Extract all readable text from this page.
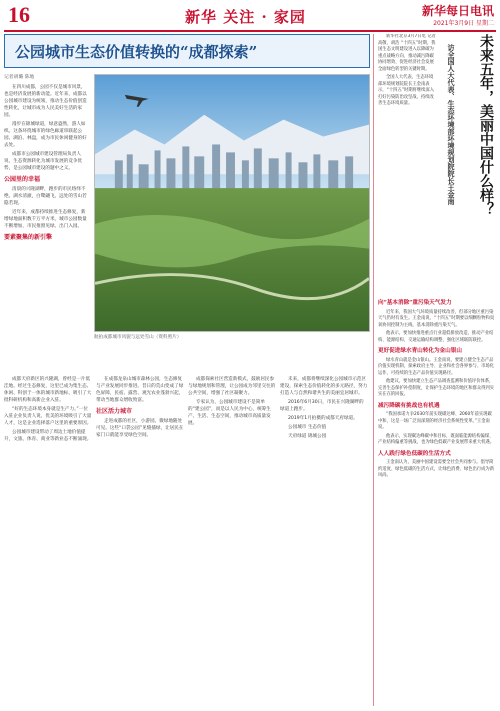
16	新华 关注 · 家园	新华每日电讯
2021年3月9日 星期二
公园城市生态价值转换的“成都探索”
记者胡璐 陈地

在四川成都，公园不仅是城市风景，也是经济发展的新动能。近年来，成都以公园城市建设为统领，推动生态价值创造性转化，让城市成为人民美好生活的家园。

漫步在锦城绿道，绿意盎然，游人如织。这条环绕城市的绿色廊道串联起公园、湖泊、林盘，成为市民休闲健身的好去处。

成都市公园城市建设管理局负责人说，生态资源转化为城市发展的竞争优势，是公园城市建设的题中之义。

公园里的幸福

清晨的兴隆湖畔，跑步的市民络绎不绝。湖水清澈，白鹭翩飞，远处的雪山若隐若现。

近年来，成都持续推进生态修复，新增绿地面积数千万平方米，城市公园数量不断增加，市民推窗见绿、出门入园。

要素聚集的新引擎
航拍成都城市风貌与远处雪山（资料照片）

成都天府新区的兴隆湖，曾经是一片低洼地。经过生态修复，这里已成为集生态、休闲、科创于一体的城市新地标，吸引了大批科研机构和高新企业入驻。

“好的生态环境本身就是生产力。”一位入驻企业负责人说，优美的环境吸引了大量人才，这是企业选择落户这里的重要原因。

公园城市建设带动了周边土地价值提升，文旅、体育、商业等新业态不断涌现。

在成都龙泉山城市森林公园，生态修复与产业发展同步推进。昔日的荒山变成了绿色屏障，民宿、露营、观光农业蓬勃兴起，带动当地群众增收致富。

社区活力城市

走进成都的社区，小游园、微绿地随处可见。这些“口袋公园”见缝插绿，让居民在家门口就能享受绿色空间。

成都探索社区营造新模式，鼓励居民参与绿地规划和管理，让公园成为邻里交往的公共空间，增强了社区凝聚力。

专家认为，公园城市建设不是简单的“建公园”，而是以人民为中心，统筹生产、生活、生态空间，推动城市高质量发展。

未来，成都将继续深化公园城市示范区建设，探索生态价值转化的多元路径，努力打造人与自然和谐共生的美丽宜居城市。

2016年6月30日，市民在兴隆湖畔的绿道上跑步。

2019年1月拍摄的成都天府绿道。

公园城市 生态价值

天府绿道 锦城公园

未来五年，美丽中国什么样？
访全国人大代表、生态环境部环境规划院院长王金南

新华社北京3月7日电 记者高敬、胡浩 “十四五”时期，我国生态文明建设进入以降碳为重点战略方向、推动减污降碳协同增效、促进经济社会发展全面绿色转型的关键时期。

全国人大代表、生态环境部环境规划院院长王金南表示，“十四五”时期将继续深入打好污染防治攻坚战，持续改善生态环境质量。

向“基本消除”重污染天气发力

近年来，我国大气环境质量持续改善，但部分地区重污染天气仍时有发生。王金南说，“十四五”时期要以细颗粒物和臭氧协同控制为主线，基本消除重污染天气。

他表示，要加快推进重点行业超低排放改造，推动产业结构、能源结构、交通运输结构调整，强化区域联防联控。

更好促进绿水青山转化为金山银山

绿水青山就是金山银山。王金南说，要建立健全生态产品价值实现机制，探索政府主导、企业和社会各界参与、市场化运作、可持续的生态产品价值实现路径。

他建议，要加快建立生态产品调查监测和价值评价体系，完善生态保护补偿制度，让保护生态环境的地区和群众得到实实在在的回报。

减污降碳有挑战也有机遇

“我国承诺力争2030年前实现碳达峰、2060年前实现碳中和，这是一场广泛而深刻的经济社会系统性变革。”王金南说。

他表示，实现碳达峰碳中和目标，既面临能源结构偏煤、产业结构偏重等挑战，也为绿色低碳产业发展带来重大机遇。

人人践行绿色低碳的生活方式

王金南认为，美丽中国建设需要全社会共同参与。倡导简约适度、绿色低碳的生活方式，让绿色消费、绿色出行成为新风尚。
